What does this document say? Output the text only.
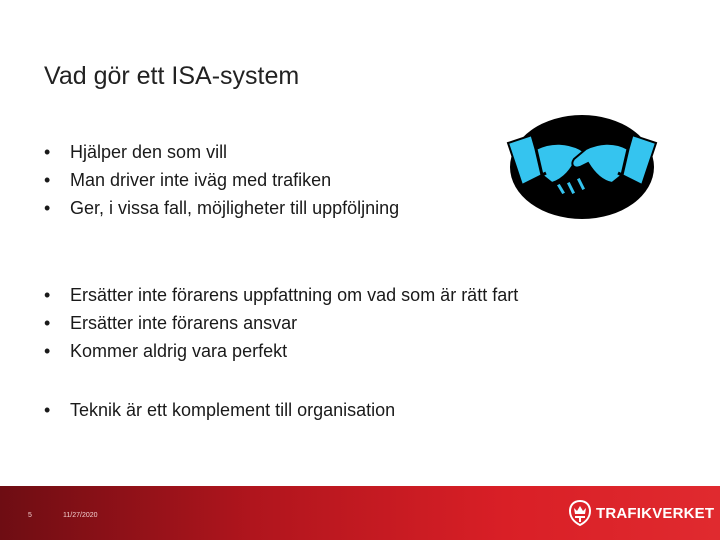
Vad gör ett ISA-system
•	Hjälper den som vill
•	Man driver inte iväg med trafiken
•	Ger, i vissa fall, möjligheter till uppföljning
•	Ersätter inte förarens uppfattning om vad som är rätt fart
•	Ersätter inte förarens ansvar
•	Kommer aldrig vara perfekt
•	Teknik är ett komplement till organisation
5	11/27/2020	TRAFIKVERKET
